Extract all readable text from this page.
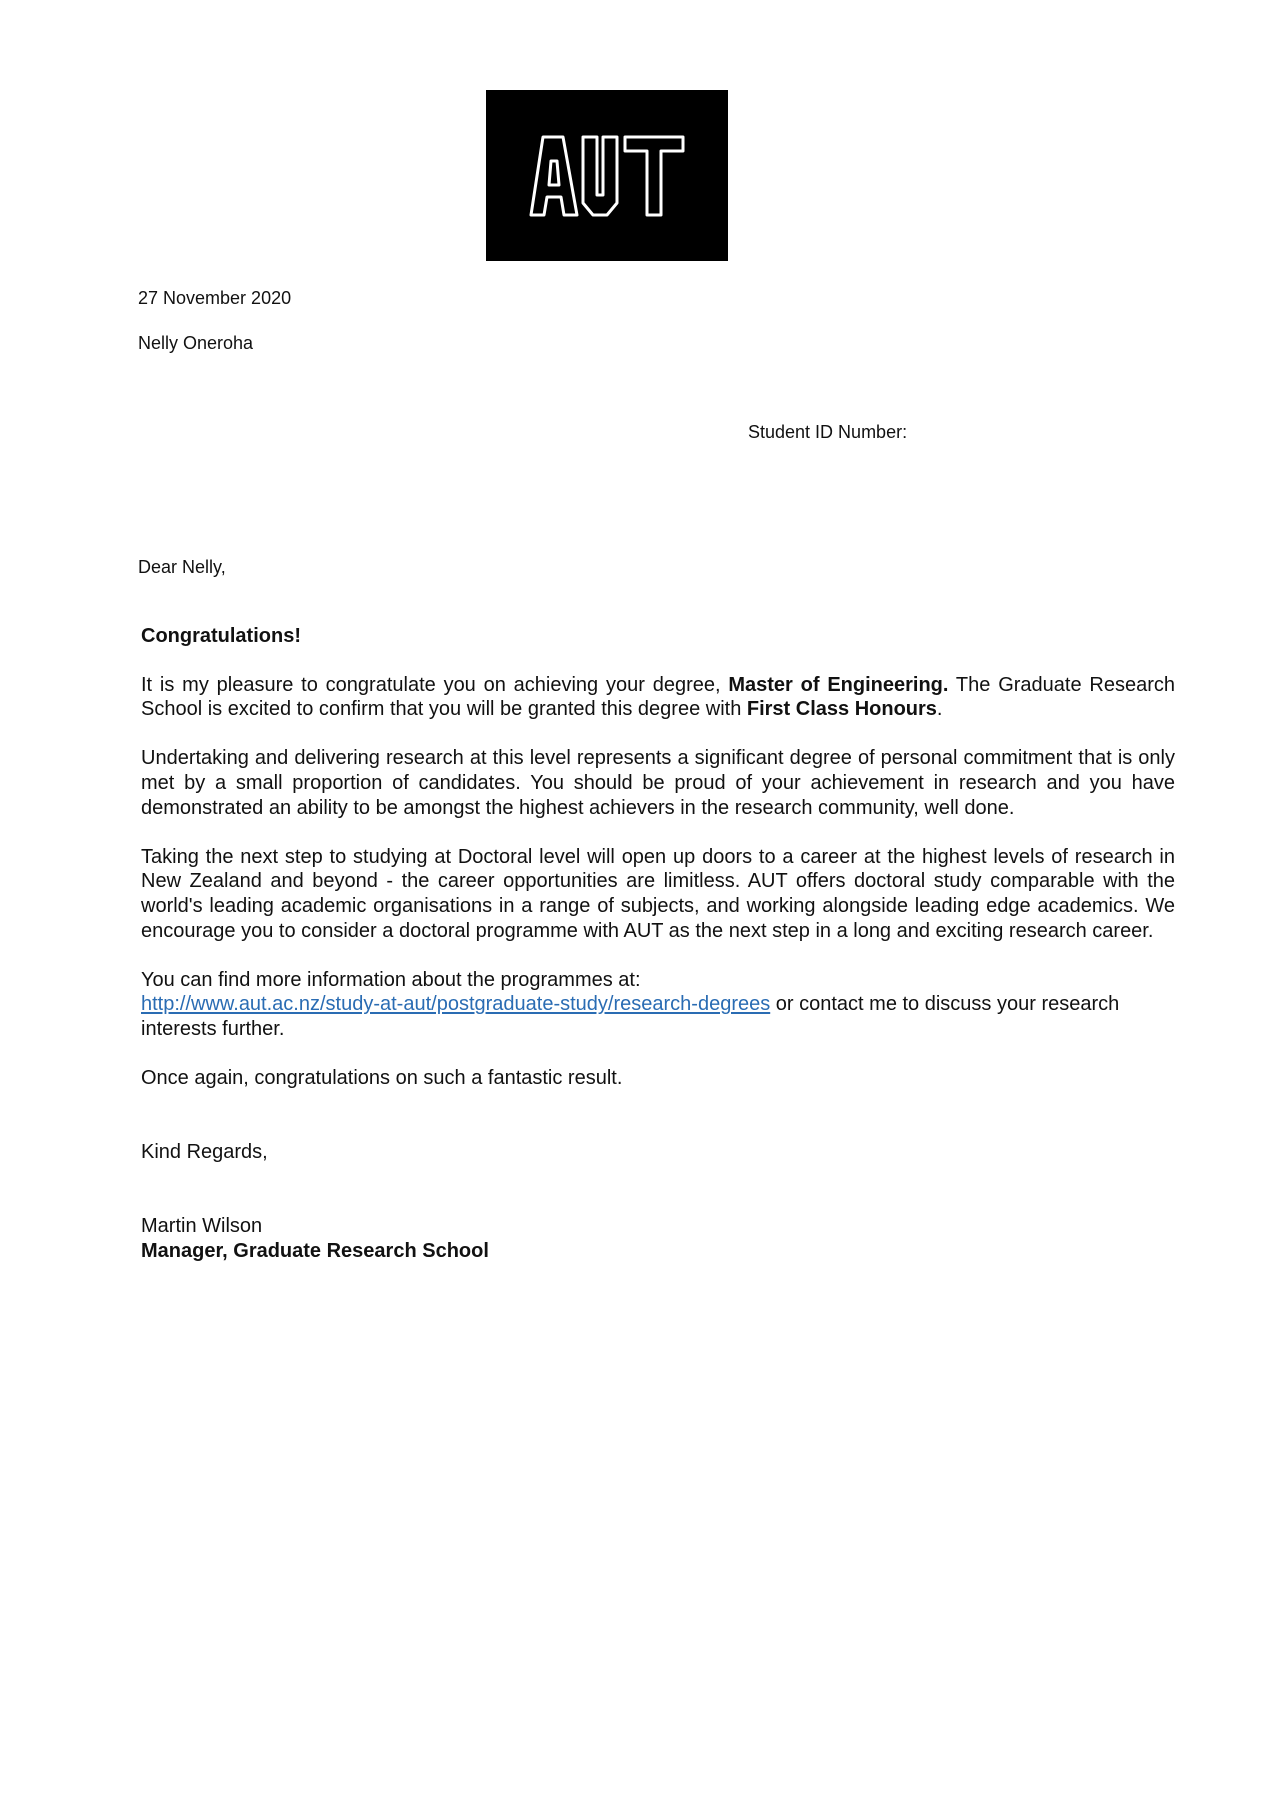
27 November 2020
Nelly Oneroha
Student ID Number:
Dear Nelly,

Congratulations!

It is my pleasure to congratulate you on achieving your degree, Master of Engineering. The Graduate Research School is excited to confirm that you will be granted this degree with First Class Honours.

Undertaking and delivering research at this level represents a significant degree of personal commitment that is only met by a small proportion of candidates. You should be proud of your achievement in research and you have demonstrated an ability to be amongst the highest achievers in the research community, well done.

Taking the next step to studying at Doctoral level will open up doors to a career at the highest levels of research in New Zealand and beyond - the career opportunities are limitless. AUT offers doctoral study comparable with the world's leading academic organisations in a range of subjects, and working alongside leading edge academics. We encourage you to consider a doctoral programme with AUT as the next step in a long and exciting research career.

You can find more information about the programmes at:
http://www.aut.ac.nz/study-at-aut/postgraduate-study/research-degrees or contact me to discuss your research interests further.

Once again, congratulations on such a fantastic result.

Kind Regards,

Martin Wilson

Manager, Graduate Research School
